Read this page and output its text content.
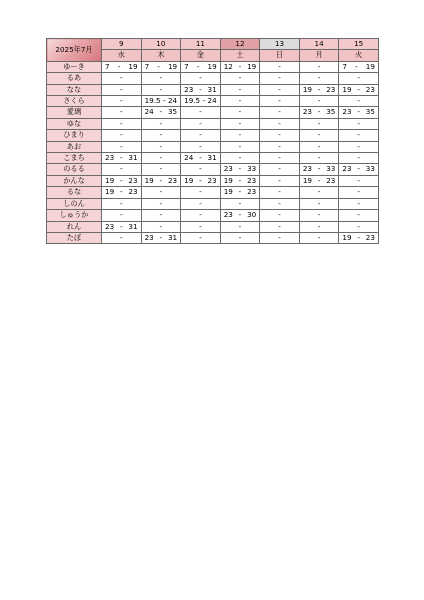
2025年7月	9	10	11	12	13	14	15
	水	木	金	土	日	月	火
ゆーき	7 - 19	7 - 19	7 - 19	12 - 19	-	-	7 - 19

るあ	-	-	-	-	-	-	-
なな	-	-	23 - 31	-	-	19 - 23	19 - 23

さくら	-	19.5 - 24	19.5 - 24	-	-	-	-
愛璃	-	24 - 35	-	-	-	23 - 35	23 - 35

ゆな	-	-	-	-	-	-	-
ひまり	-	-	-	-	-	-	-
あお	-	-	-	-	-	-	-
こまち	23 - 31	-	24 - 31	-	-	-	-
のるる	-	-	-	23 - 33	-	23 - 33	23 - 33

かんな	19 - 23	19 - 23	19 - 23	19 - 23	-	19 - 23	-
るな	19 - 23	-	-	19 - 23	-	-	-
しのん	-	-	-	-	-	-	-
しゅうか	-	-	-	23 - 30	-	-	-
れん	23 - 31	-	-	-	-	-	-
たぼ	-	23 - 31	-	-	-	-	19 - 23
